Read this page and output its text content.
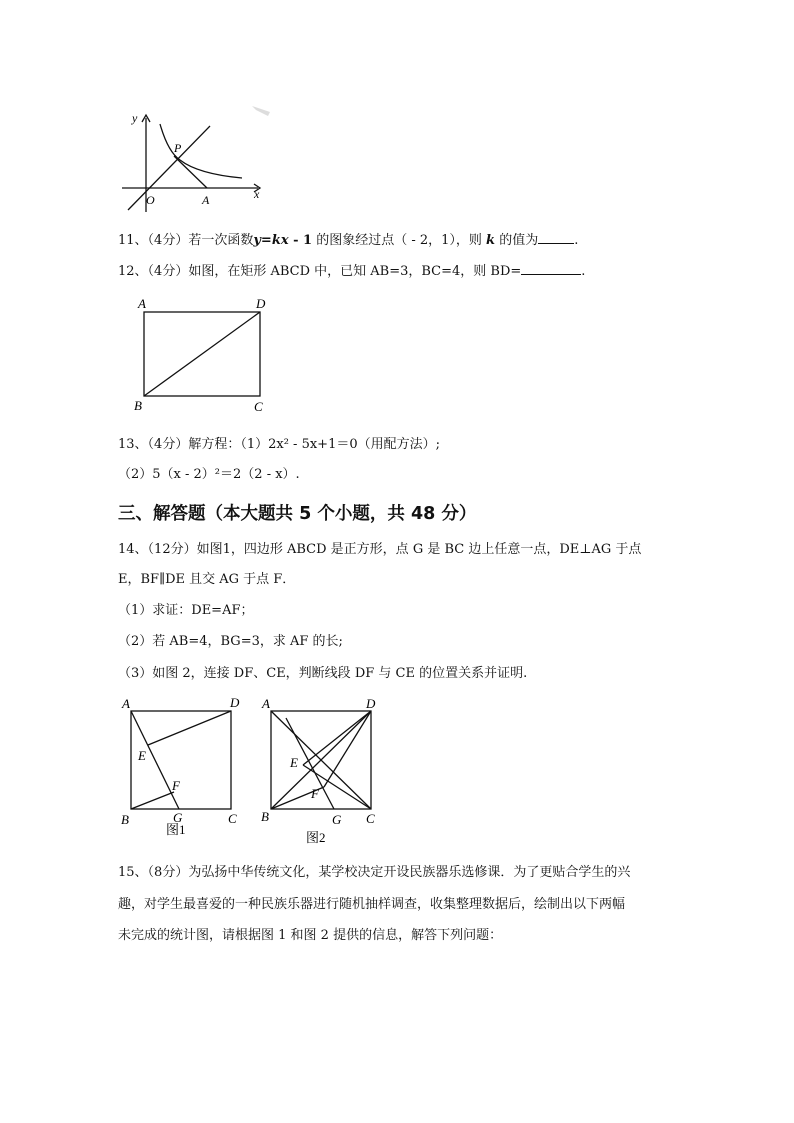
y
x
O
P
A
11、（4分）若一次函数y=kx - 1 的图象经过点（ - 2，1），则 k 的值为	.
12、（4分）如图，在矩形 ABCD 中，已知 AB=3，BC=4，则 BD=	.
A	D
B	C
13、（4分）解方程：（1）2x² - 5x+1＝0（用配方法）;
（2）5（x - 2）²＝2（2 - x）.
三、解答题（本大题共 5 个小题，共 48 分）
14、（12分）如图1，四边形 ABCD 是正方形，点 G 是 BC 边上任意一点，DE⊥AG 于点
E，BF∥DE 且交 AG 于点 F．
（1）求证：DE=AF；
（2）若 AB=4，BG=3，求 AF 的长;
（3）如图 2，连接 DF、CE，判断线段 DF 与 CE 的位置关系并证明.
A	D
E
F
B	G	C
图1
A	D
E
F
B	G C
图2
15、（8分）为弘扬中华传统文化，某学校决定开设民族器乐选修课．为了更贴合学生的兴
趣，对学生最喜爱的一种民族乐器进行随机抽样调查，收集整理数据后，绘制出以下两幅
未完成的统计图，请根据图 1 和图 2 提供的信息，解答下列问题：
